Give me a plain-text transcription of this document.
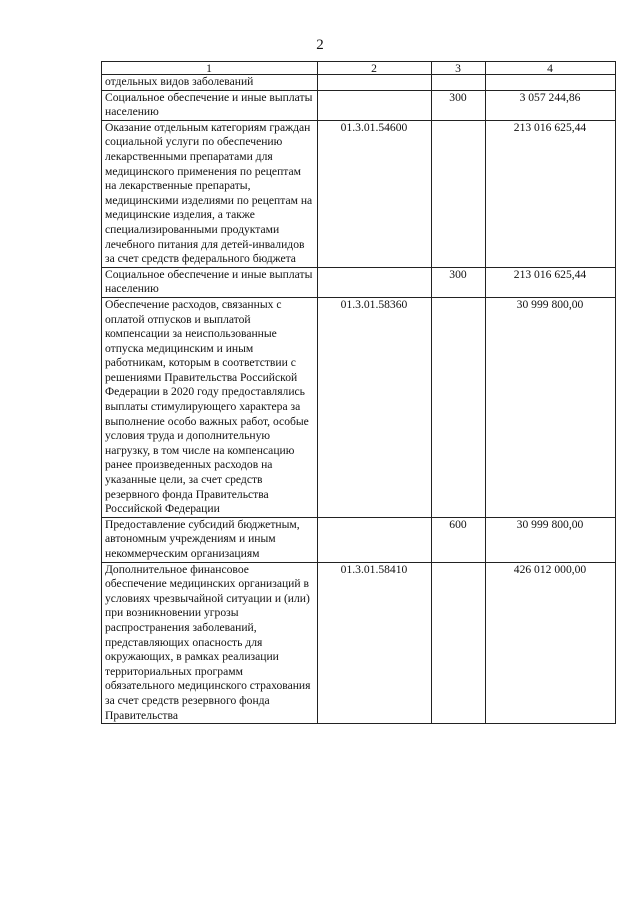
2
1	2	3	4
отдельных видов заболеваний			
Социальное обеспечение и иные выплаты населению		300	3 057 244,86
Оказание отдельным категориям граждан социальной услуги по обеспечению лекарственными препаратами для медицинского применения по рецептам на лекарственные препараты, медицинскими изделиями по рецептам на медицинские изделия, а также специализированными продуктами лечебного питания для детей-инвалидов за счет средств федерального бюджета	01.3.01.54600		213 016 625,44
Социальное обеспечение и иные выплаты населению		300	213 016 625,44
Обеспечение расходов, связанных с оплатой отпусков и выплатой компенсации за неиспользованные отпуска медицинским и иным работникам, которым в соответствии с решениями Правительства Российской Федерации в 2020 году предоставлялись выплаты стимулирующего характера за выполнение особо важных работ, особые условия труда и дополнительную нагрузку, в том числе на компенсацию ранее произведенных расходов на указанные цели, за счет средств резервного фонда Правительства Российской Федерации	01.3.01.58360		30 999 800,00
Предоставление субсидий бюджетным, автономным учреждениям и иным некоммерческим организациям		600	30 999 800,00
Дополнительное финансовое обеспечение медицинских организаций в условиях чрезвычайной ситуации и (или) при возникновении угрозы распространения заболеваний, представляющих опасность для окружающих, в рамках реализации территориальных программ обязательного медицинского страхования за счет средств резервного фонда Правительства	01.3.01.58410		426 012 000,00
